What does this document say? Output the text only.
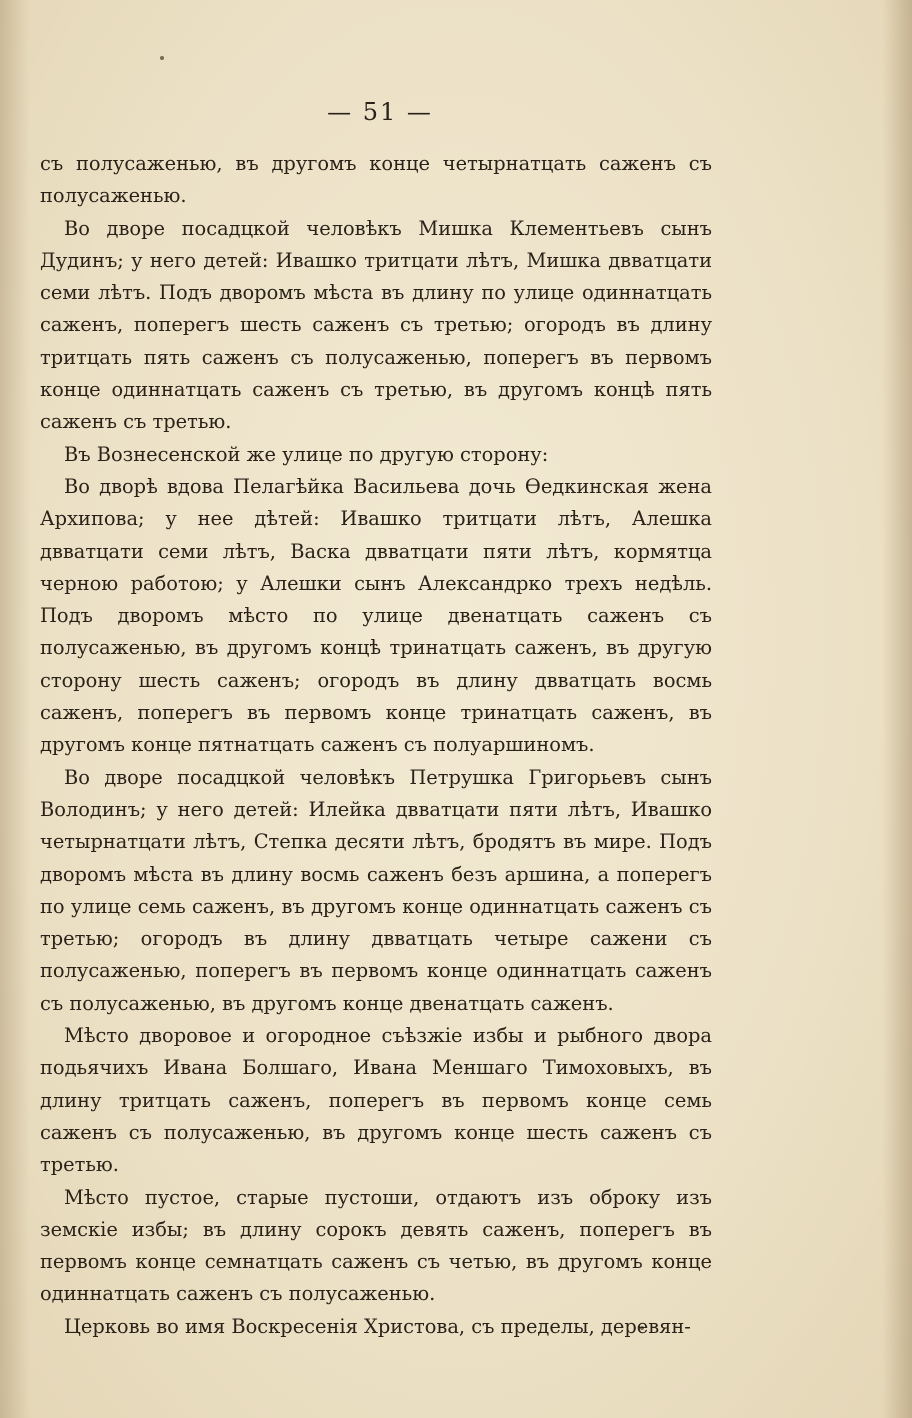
— 51 —

съ полусаженью, въ другомъ конце четырнатцать саженъ съ полусаженью.

Во дворе посадцкой человѣкъ Мишка Клементьевъ сынъ Дудинъ; у него детей: Ивашко тритцати лѣтъ, Мишка двватцати семи лѣтъ. Подъ дворомъ мѣста въ длину по улице одиннатцать саженъ, поперегъ шесть саженъ съ третью; огородъ въ длину тритцать пять саженъ съ полусаженью, поперегъ въ первомъ конце одиннатцать саженъ съ третью, въ другомъ концѣ пять саженъ съ третью.

Въ Вознесенской же улице по другую сторону:

Во дворѣ вдова Пелагѣйка Васильева дочь Ѳедкинская жена Архипова; у нее дѣтей: Ивашко тритцати лѣтъ, Алешка двватцати семи лѣтъ, Васка двватцати пяти лѣтъ, кормятца черною работою; у Алешки сынъ Александрко трехъ недѣль. Подъ дворомъ мѣсто по улице двенатцать саженъ съ полусаженью, въ другомъ концѣ тринатцать саженъ, въ другую сторону шесть саженъ; огородъ въ длину двватцать восмь саженъ, поперегъ въ первомъ конце тринатцать саженъ, въ другомъ конце пятнатцать саженъ съ полуаршиномъ.

Во дворе посадцкой человѣкъ Петрушка Григорьевъ сынъ Володинъ; у него детей: Илейка двватцати пяти лѣтъ, Ивашко четырнатцати лѣтъ, Степка десяти лѣтъ, бродятъ въ мире. Подъ дворомъ мѣста въ длину восмь саженъ безъ аршина, а поперегъ по улице семь саженъ, въ другомъ конце одиннатцать саженъ съ третью; огородъ въ длину двватцать четыре сажени съ полусаженью, поперегъ въ первомъ конце одиннатцать саженъ съ полусаженью, въ другомъ конце двенатцать саженъ.

Мѣсто дворовое и огородное съѣзжіе избы и рыбного двора подьячихъ Ивана Болшаго, Ивана Меншаго Тимоховыхъ, въ длину тритцать саженъ, поперегъ въ первомъ конце семь саженъ съ полусаженью, въ другомъ конце шесть саженъ съ третью.

Мѣсто пустое, старые пустоши, отдаютъ изъ оброку изъ земскіе избы; въ длину сорокъ девять саженъ, поперегъ въ первомъ конце семнатцать саженъ съ четью, въ другомъ конце одиннатцать саженъ съ полусаженью.

Церковь во имя Воскресенія Христова, съ пределы, деревян-
